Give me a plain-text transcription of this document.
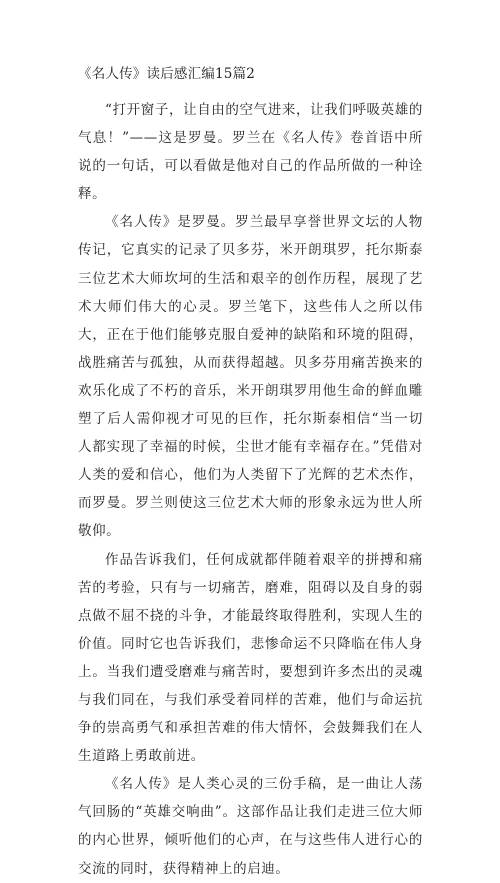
《名人传》读后感汇编15篇2

“打开窗子，让自由的空气进来，让我们呼吸英雄的气息！”——这是罗曼。罗兰在《名人传》卷首语中所说的一句话，可以看做是他对自己的作品所做的一种诠释。

《名人传》是罗曼。罗兰最早享誉世界文坛的人物传记，它真实的记录了贝多芬，米开朗琪罗，托尔斯泰三位艺术大师坎坷的生活和艰辛的创作历程，展现了艺术大师们伟大的心灵。罗兰笔下，这些伟人之所以伟大，正在于他们能够克服自爱神的缺陷和环境的阻碍，战胜痛苦与孤独，从而获得超越。贝多芬用痛苦换来的欢乐化成了不朽的音乐，米开朗琪罗用他生命的鲜血雕塑了后人需仰视才可见的巨作，托尔斯泰相信“当一切人都实现了幸福的时候，尘世才能有幸福存在。”凭借对人类的爱和信心，他们为人类留下了光辉的艺术杰作，而罗曼。罗兰则使这三位艺术大师的形象永远为世人所敬仰。

作品告诉我们，任何成就都伴随着艰辛的拼搏和痛苦的考验，只有与一切痛苦，磨难，阻碍以及自身的弱点做不屈不挠的斗争，才能最终取得胜利，实现人生的价值。同时它也告诉我们，悲惨命运不只降临在伟人身上。当我们遭受磨难与痛苦时，要想到许多杰出的灵魂与我们同在，与我们承受着同样的苦难，他们与命运抗争的崇高勇气和承担苦难的伟大情怀，会鼓舞我们在人生道路上勇敢前进。

《名人传》是人类心灵的三份手稿，是一曲让人荡气回肠的“英雄交响曲”。这部作品让我们走进三位大师的内心世界，倾听他们的心声，在与这些伟人进行心的交流的同时，获得精神上的启迪。
